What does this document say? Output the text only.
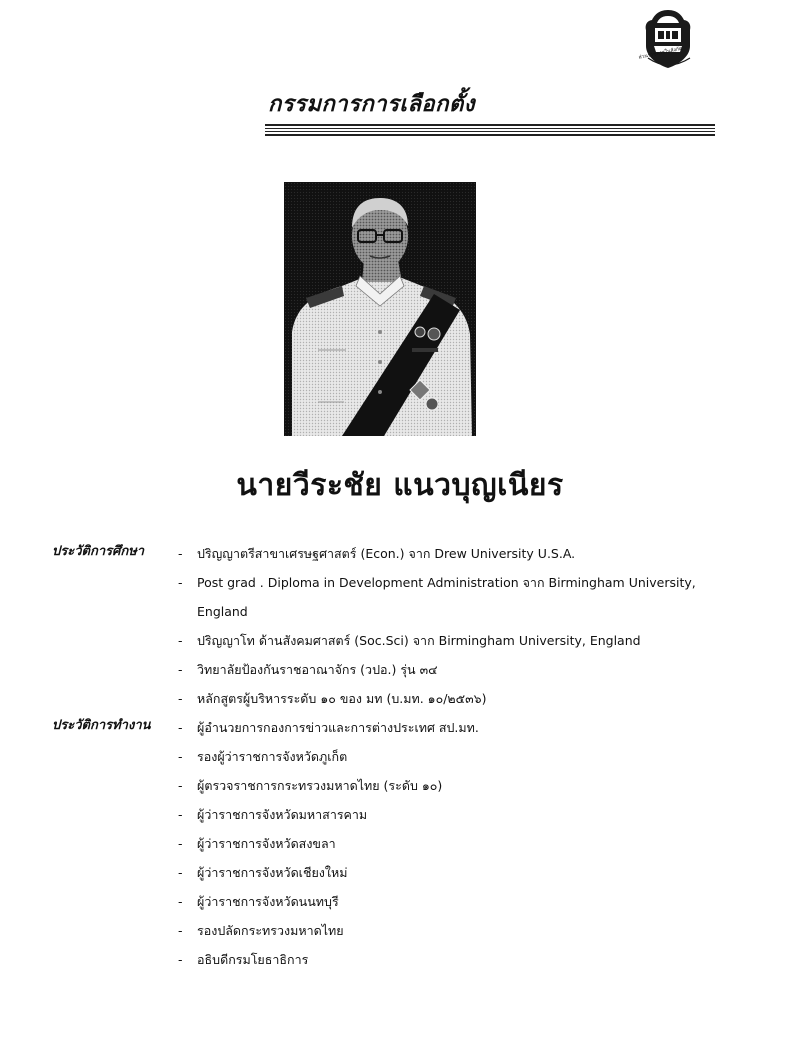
ส่วนราชการในสังกัด
กรรมการการเลือกตั้ง
นายวีระชัย แนวบุญเนียร
ประวัติการศึกษา	- ปริญญาตรีสาขาเศรษฐศาสตร์ (Econ.) จาก Drew University U.S.A.
- Post grad . Diploma in Development Administration จาก Birmingham University, England
- ปริญญาโท ด้านสังคมศาสตร์ (Soc.Sci) จาก Birmingham University, England
- วิทยาลัยป้องกันราชอาณาจักร (วปอ.) รุ่น ๓๔
- หลักสูตรผู้บริหารระดับ ๑๐ ของ มท (บ.มท. ๑๐/๒๕๓๖)
ประวัติการทำงาน - ผู้อำนวยการกองการข่าวและการต่างประเทศ สป.มท.
- รองผู้ว่าราชการจังหวัดภูเก็ต
- ผู้ตรวจราชการกระทรวงมหาดไทย (ระดับ ๑๐)
- ผู้ว่าราชการจังหวัดมหาสารคาม
- ผู้ว่าราชการจังหวัดสงขลา
- ผู้ว่าราชการจังหวัดเชียงใหม่
- ผู้ว่าราชการจังหวัดนนทบุรี
- รองปลัดกระทรวงมหาดไทย
- อธิบดีกรมโยธาธิการ
